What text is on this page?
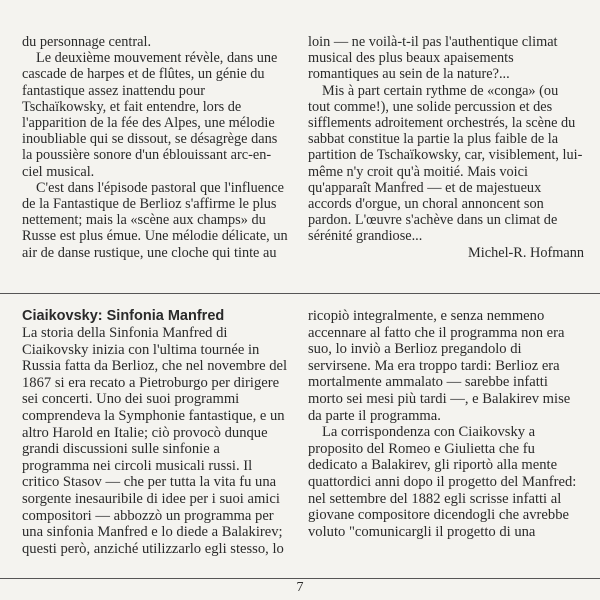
du personnage central.

Le deuxième mouvement révèle, dans une cascade de harpes et de flûtes, un génie du fantastique assez inattendu pour Tschaïkowsky, et fait entendre, lors de l'apparition de la fée des Alpes, une mélodie inoubliable qui se dissout, se désagrège dans la poussière sonore d'un éblouissant arc-en-ciel musical.

C'est dans l'épisode pastoral que l'influence de la Fantastique de Berlioz s'affirme le plus nettement; mais la «scène aux champs» du Russe est plus émue. Une mélodie délicate, un air de danse rustique, une cloche qui tinte au

loin — ne voilà-t-il pas l'authentique climat musical des plus beaux apaisements romantiques au sein de la nature?...

Mis à part certain rythme de «conga» (ou tout comme!), une solide percussion et des sifflements adroitement orchestrés, la scène du sabbat constitue la partie la plus faible de la partition de Tschaïkowsky, car, visiblement, lui-même n'y croit qu'à moitié. Mais voici qu'apparaît Manfred — et de majestueux accords d'orgue, un choral annoncent son pardon. L'œuvre s'achève dans un climat de sérénité grandiose...

Michel-R. Hofmann

Ciaikovsky: Sinfonia Manfred

La storia della Sinfonia Manfred di Ciaikovsky inizia con l'ultima tournée in Russia fatta da Berlioz, che nel novembre del 1867 si era recato a Pietroburgo per dirigere sei concerti. Uno dei suoi programmi comprendeva la Symphonie fantastique, e un altro Harold en Italie; ciò provocò dunque grandi discussioni sulle sinfonie a programma nei circoli musicali russi. Il critico Stasov — che per tutta la vita fu una sorgente inesauribile di idee per i suoi amici compositori — abbozzò un programma per una sinfonia Manfred e lo diede a Balakirev; questi però, anziché utilizzarlo egli stesso, lo

ricopiò integralmente, e senza nemmeno accennare al fatto che il programma non era suo, lo inviò a Berlioz pregandolo di servirsene. Ma era troppo tardi: Berlioz era mortalmente ammalato — sarebbe infatti morto sei mesi più tardi —, e Balakirev mise da parte il programma.

La corrispondenza con Ciaikovsky a proposito del Romeo e Giulietta che fu dedicato a Balakirev, gli riportò alla mente quattordici anni dopo il progetto del Manfred: nel settembre del 1882 egli scrisse infatti al giovane compositore dicendogli che avrebbe voluto "comunicargli il progetto di una

7
